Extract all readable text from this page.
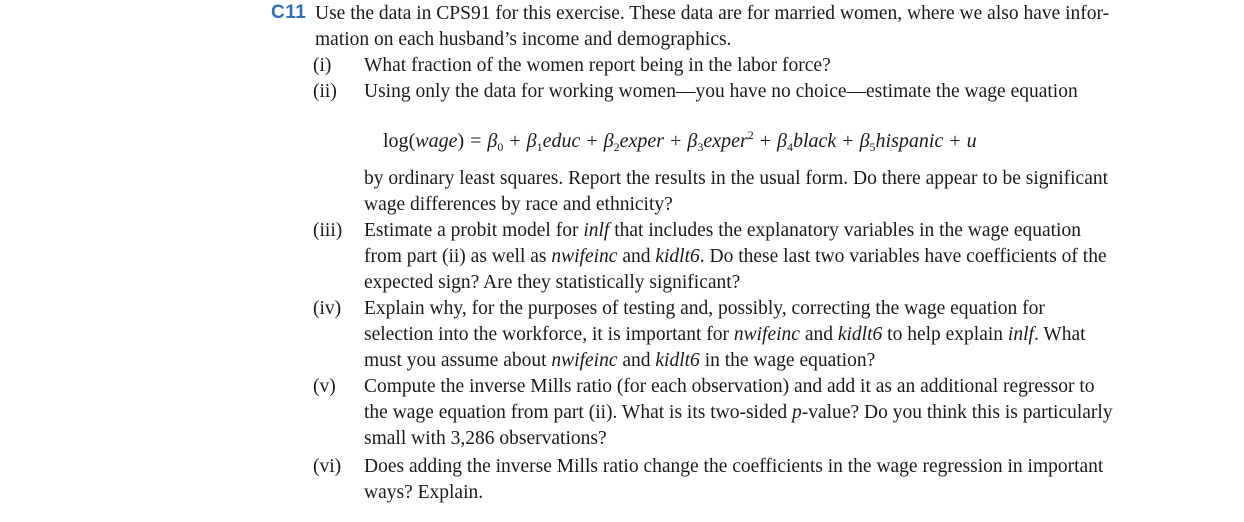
C11 Use the data in CPS91 for this exercise. These data are for married women, where we also have infor-
mation on each husband’s income and demographics.
(i) What fraction of the women report being in the labor force?
(ii) Using only the data for working women—you have no choice—estimate the wage equation
log(wage) = $\beta_0$ + $\beta_1educ$ + $\beta_2exper$ + $\beta_3exper^2$ + $\beta_4black$ + $\beta_5hispanic + u$
by ordinary least squares. Report the results in the usual form. Do there appear to be significant
wage differences by race and ethnicity?
(iii) Estimate a probit model for inlf that includes the explanatory variables in the wage equation
from part (ii) as well as nwifeinc and kidlt6. Do these last two variables have coefficients of the
expected sign? Are they statistically significant?
(iv) Explain why, for the purposes of testing and, possibly, correcting the wage equation for
selection into the workforce, it is important for nwifeinc and kidlt6 to help explain inlf. What
must you assume about nwifeinc and kidlt6 in the wage equation?
(v) Compute the inverse Mills ratio (for each observation) and add it as an additional regressor to
the wage equation from part (ii). What is its two-sided p-value? Do you think this is particularly
small with 3,286 observations?
(vi) Does adding the inverse Mills ratio change the coefficients in the wage regression in important
ways? Explain.
